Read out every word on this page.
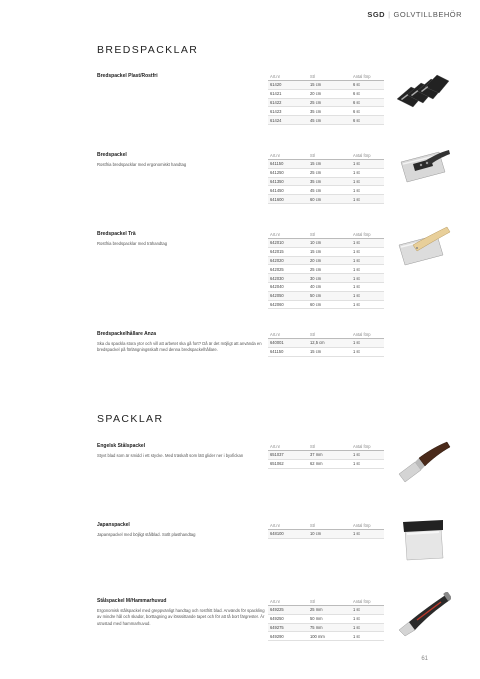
SGD | GOLVTILLBEHÖR
BREDSPACKLAR
Bredspackel Plast/Rostfri	Art.nr	Stl	Antal förp
61420	15 cm	6 st
61421	20 cm	6 st
61422	25 cm	6 st
61423	35 cm	6 st
61424	45 cm	6 st
Bredspackel
Rostfria bredspacklar med ergonomiskt handtag
Art.nr	Stl	Antal förp
641150	15 cm	1 st
641250	25 cm	1 st
641350	35 cm	1 st
641450	45 cm	1 st
641600	60 cm	1 st
Bredspackel Trä
Rostfria bredspacklar med trähandtag
Art.nr	Stl	Antal förp
642010	10 cm	1 st
642015	15 cm	1 st
642020	20 cm	1 st
642025	25 cm	1 st
642030	30 cm	1 st
642040	40 cm	1 st
642050	50 cm	1 st
642060	60 cm	1 st
Bredspackelhållare Anza
Ska du spackla stora ytor och vill att arbetet ska gå fort? Då är det möjligt att använda en bredspackel på förlängningsskaft med denna bredspackelhållare.
Art.nr	Stl	Antal förp
640001	12,5 cm	1 st
641150	15 cm	1 st
SPACKLAR
Engelsk Stålspackel
Styvt blad som är smidd i ett stycke. Med träskaft som lätt glider ner i byxfickan
Art.nr	Stl	Antal förp
651037	37 mm	1 st
651062	62 mm	1 st
Japanspackel
Japanspackel med böjligt stålblad. Sotlt plasthandtag
Art.nr	Stl	Antal förp
648100	10 cm	1 st
Stålspackel M/Hammarhuvud
Ergonomisk stålspackel med greppvänligt handtag och rostfritt blad. Används för spackling av mindre hål och skador, borttagning av lösssittande tapet och för att tå bort färgrester. Är utrustad med hammarhuvud.
Art.nr	Stl	Antal förp
649225	25 mm	1 st
649250	50 mm	1 st
649275	75 mm	1 st
649290	100 mm	1 st
61
